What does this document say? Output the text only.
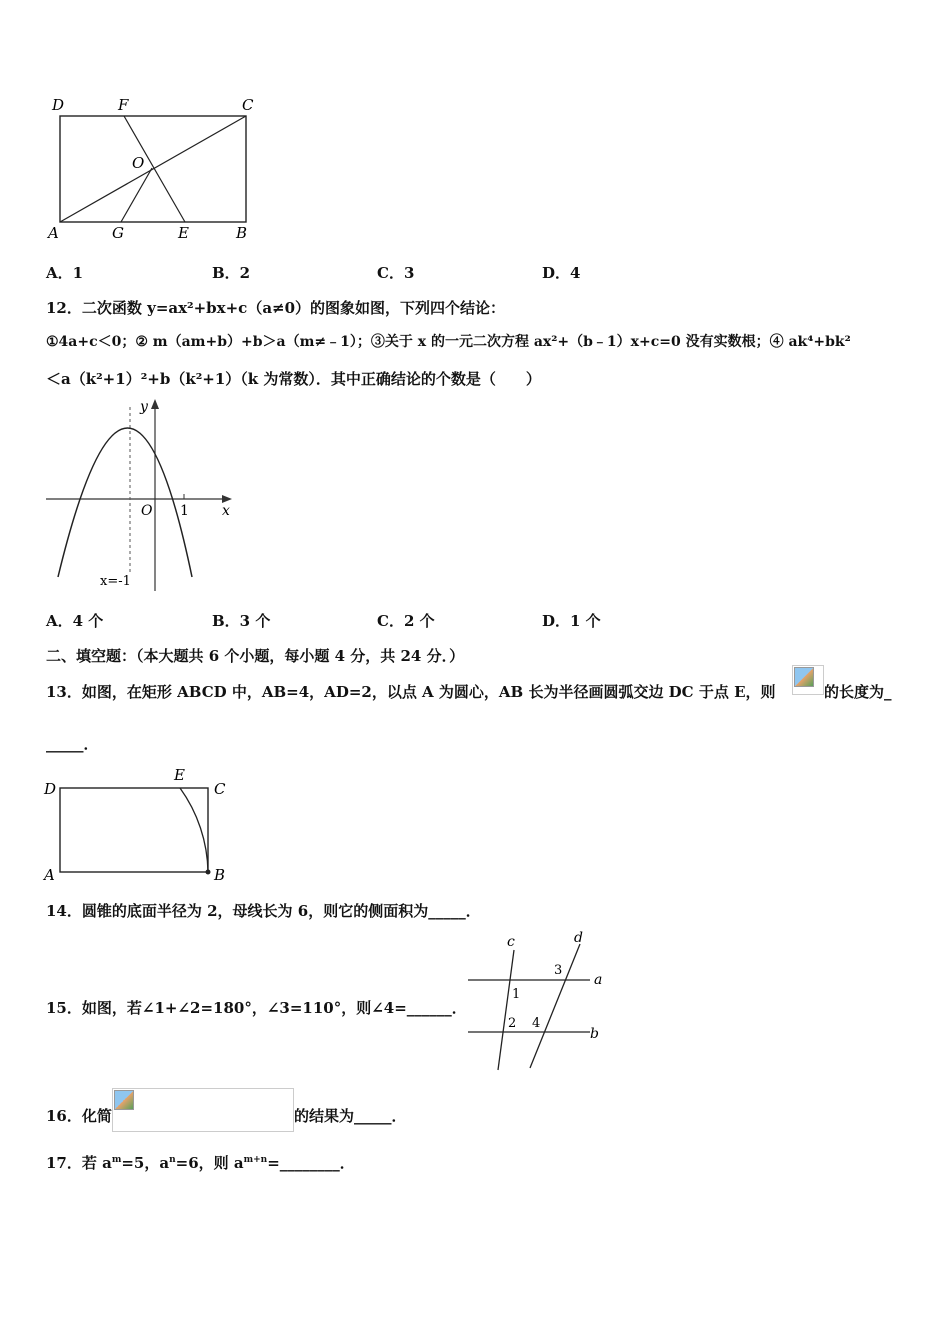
D	F	C
O
A	G	E	B
A．1	B．2	C．3	D．4
12．二次函数 y=ax²+bx+c（a≠0）的图象如图，下列四个结论：
①4a+c＜0；② m（am+b）+b＞a（m≠﹣1）；③关于 x 的一元二次方程 ax²+（b﹣1）x+c=0 没有实数根；④ ak⁴+bk²
＜a（k²+1）²+b（k²+1）（k 为常数）．其中正确结论的个数是（　　）
y
x
O 1
x=-1
A．4 个	B．3 个	C．2 个	D．1 个
二、填空题：（本大题共 6 个小题，每小题 4 分，共 24 分．）
13．如图，在矩形 ABCD 中，AB=4，AD=2，以点 A 为圆心，AB 长为半径画圆弧交边 DC 于点 E，则	的长度为_
_____．
D
E
C
A	B
14．圆锥的底面半径为 2，母线长为 6，则它的侧面积为_____．
15．如图，若∠1+∠2=180°，∠3=110°，则∠4=______．
c	d
a
b
1
2
3
4
16．化简	的结果为_____．
17．若 $a^m=5$，$a^n=6$，则 $a^{m+n}=\_\_\_\_\_\_\_\_$．
